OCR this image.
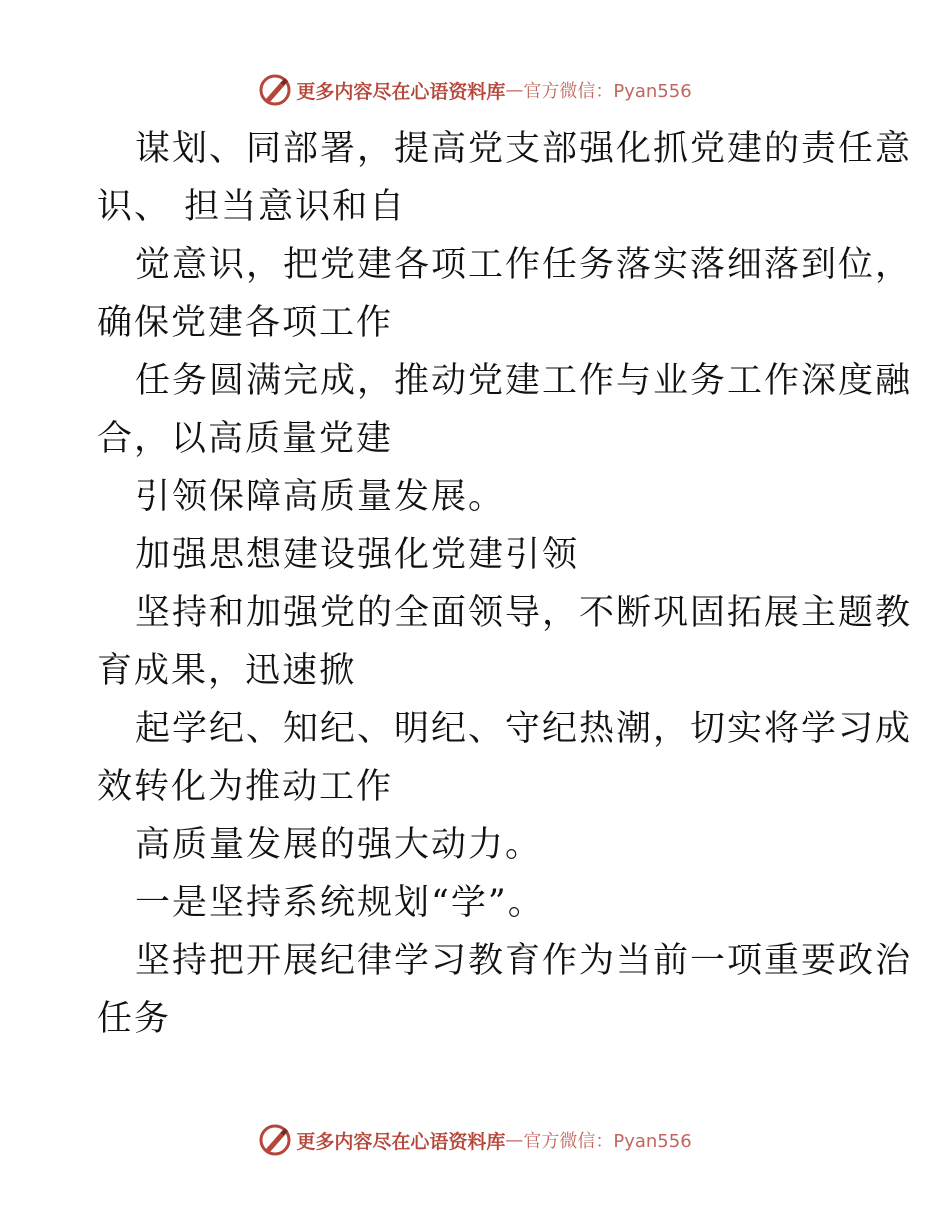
更多内容尽在心语资料库 — 官方微信：Pyan556
谋划、同部署，提高党支部强化抓党建的责任意
识、 担当意识和自
觉意识，把党建各项工作任务落实落细落到位，
确保党建各项工作
任务圆满完成，推动党建工作与业务工作深度融
合，以高质量党建
引领保障高质量发展。
加强思想建设强化党建引领
坚持和加强党的全面领导，不断巩固拓展主题教
育成果，迅速掀
起学纪、知纪、明纪、守纪热潮，切实将学习成
效转化为推动工作
高质量发展的强大动力。
一是坚持系统规划“学”。
坚持把开展纪律学习教育作为当前一项重要政治
任务
更多内容尽在心语资料库 — 官方微信：Pyan556
